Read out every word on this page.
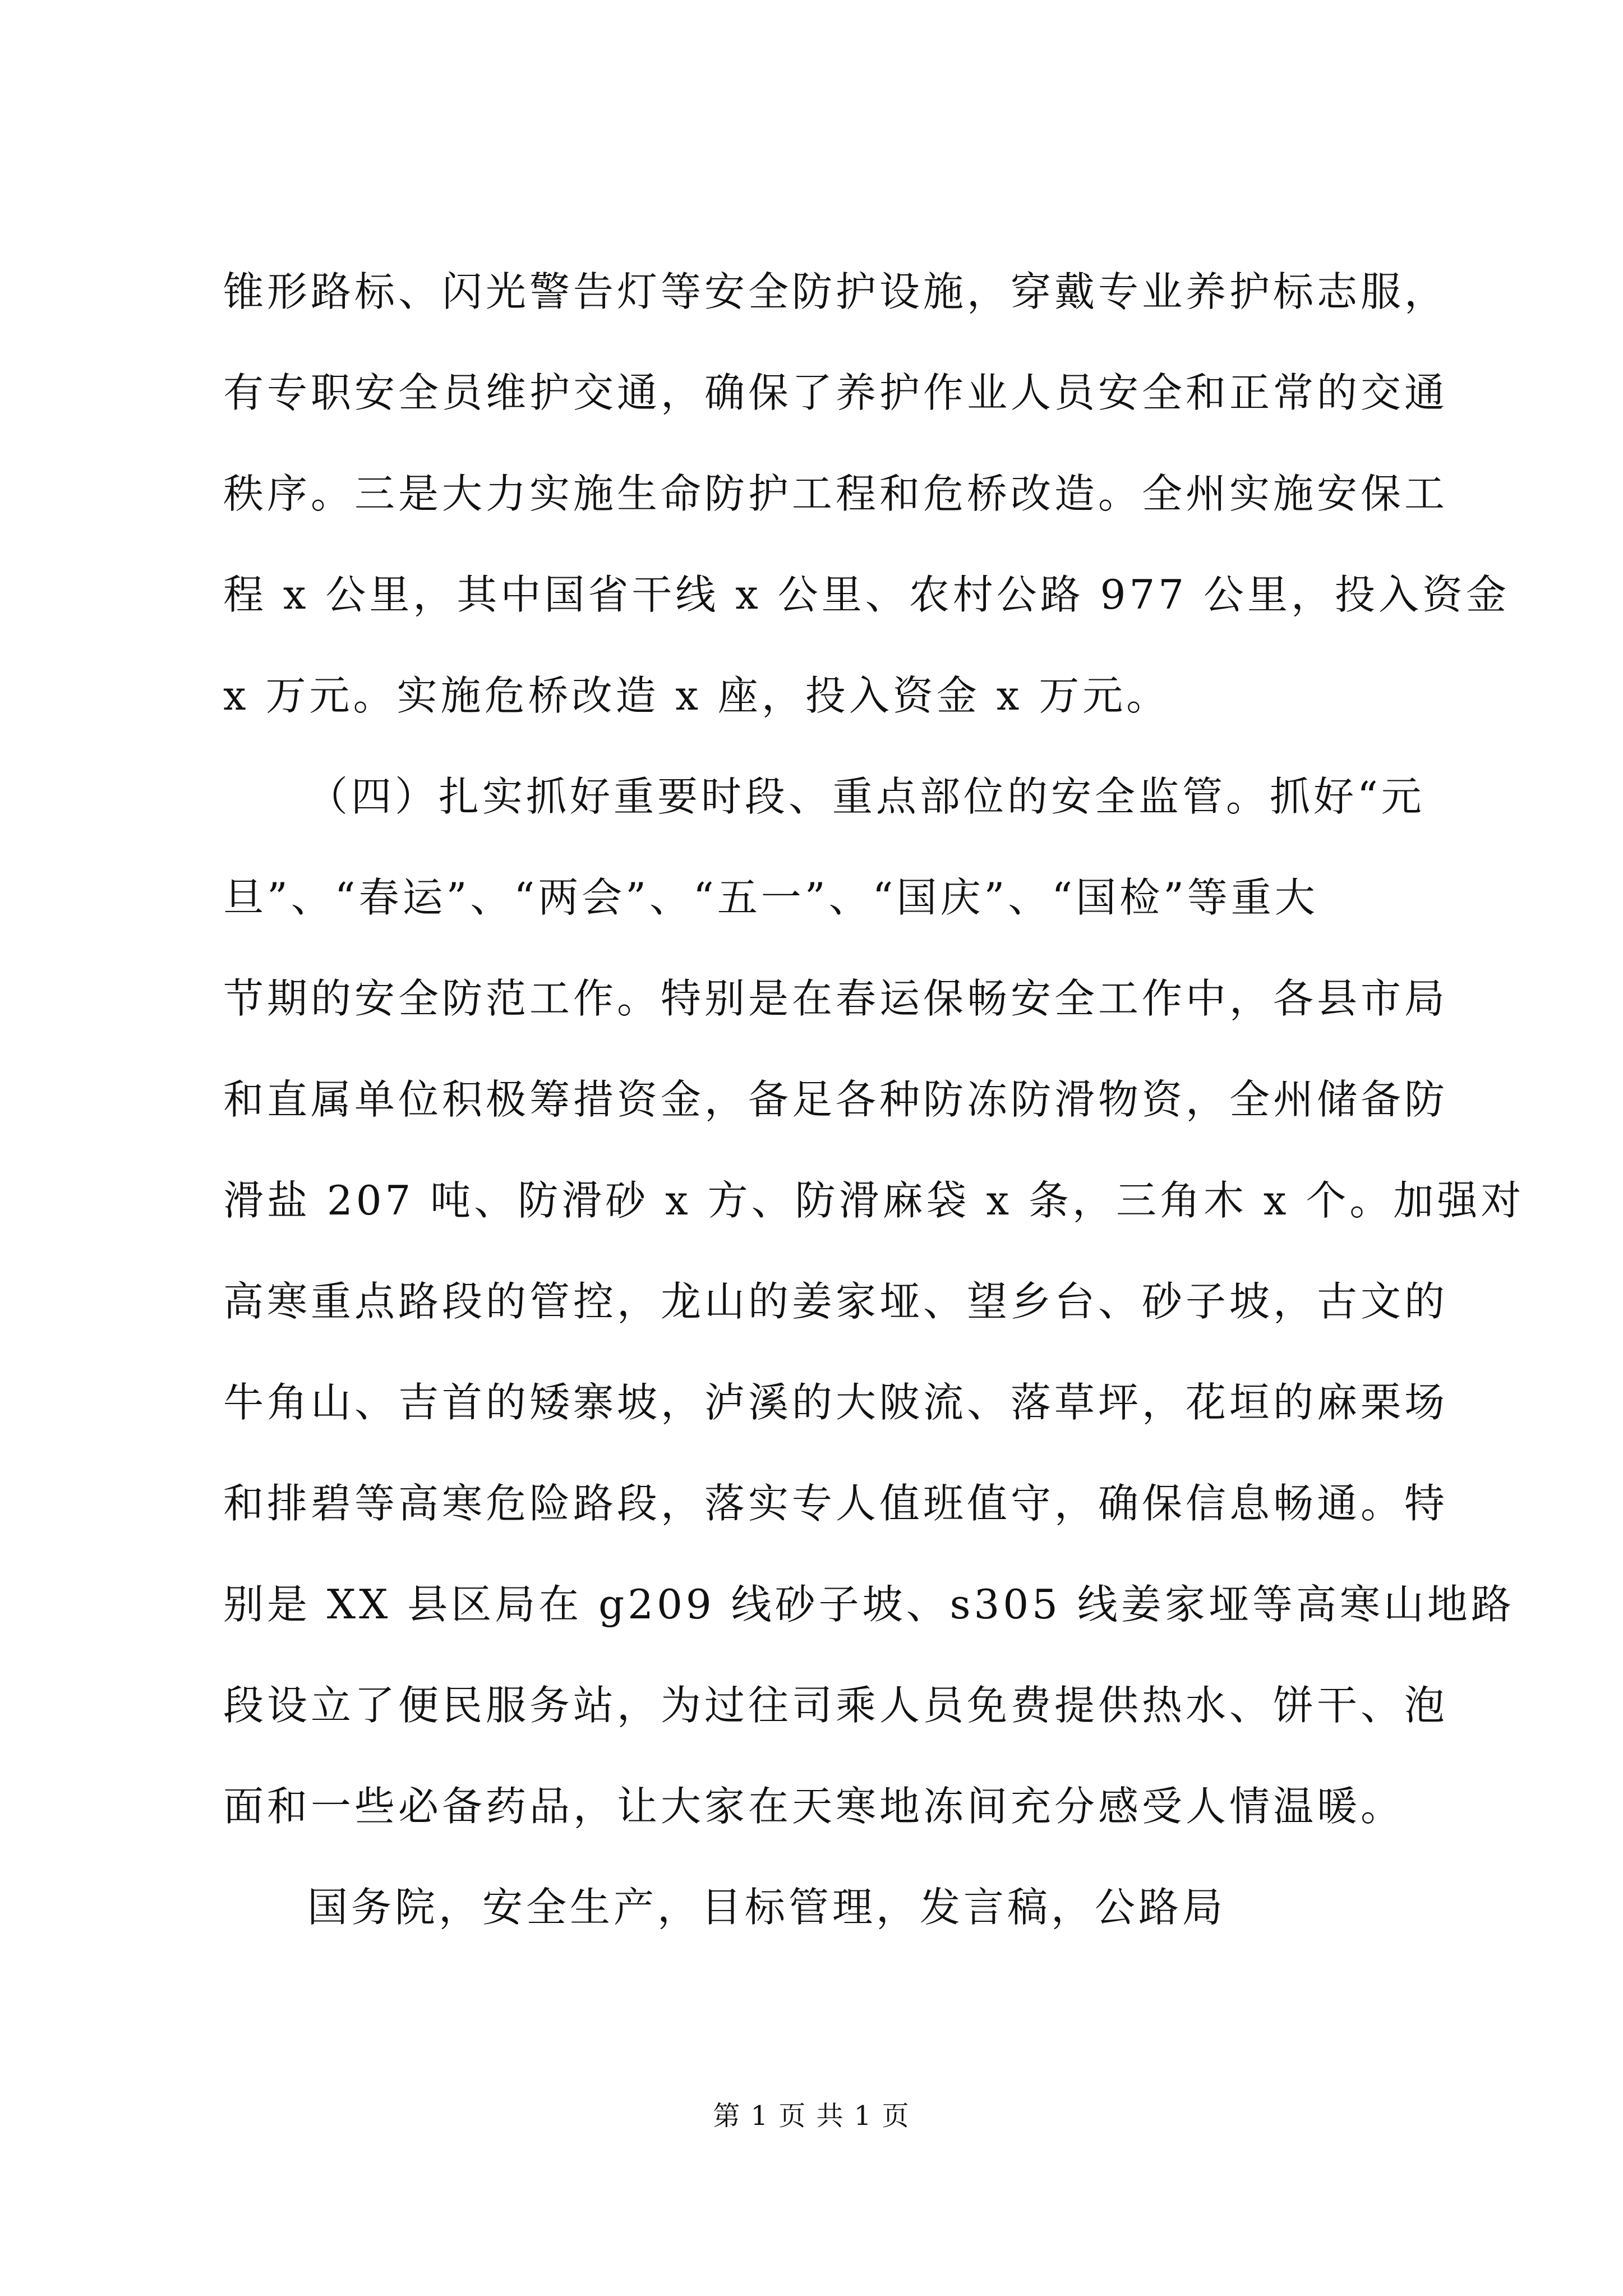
锥形路标、闪光警告灯等安全防护设施，穿戴专业养护标志服，
有专职安全员维护交通，确保了养护作业人员安全和正常的交通
秩序。三是大力实施生命防护工程和危桥改造。全州实施安保工
程 x 公里，其中国省干线 x 公里、农村公路 977 公里，投入资金
x 万元。实施危桥改造 x 座，投入资金 x 万元。
（四）扎实抓好重要时段、重点部位的安全监管。抓好“元
旦”、“春运”、“两会”、“五一”、“国庆”、“国检”等重大
节期的安全防范工作。特别是在春运保畅安全工作中，各县市局
和直属单位积极筹措资金，备足各种防冻防滑物资，全州储备防
滑盐 207 吨、防滑砂 x 方、防滑麻袋 x 条，三角木 x 个。加强对
高寒重点路段的管控，龙山的姜家垭、望乡台、砂子坡，古文的
牛角山、吉首的矮寨坡，泸溪的大陂流、落草坪，花垣的麻栗场
和排碧等高寒危险路段，落实专人值班值守，确保信息畅通。特
别是 XX 县区局在 g209 线砂子坡、s305 线姜家垭等高寒山地路
段设立了便民服务站，为过往司乘人员免费提供热水、饼干、泡
面和一些必备药品，让大家在天寒地冻间充分感受人情温暖。
国务院，安全生产，目标管理，发言稿，公路局
第 1 页 共 1 页
